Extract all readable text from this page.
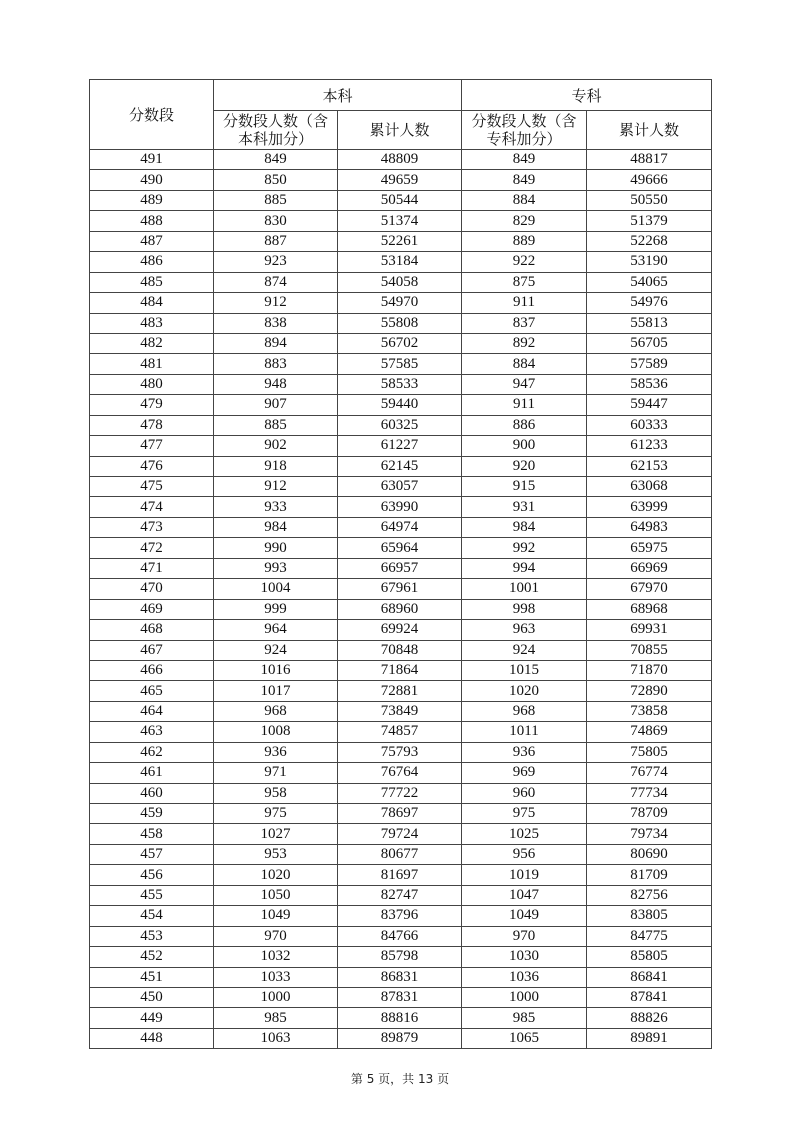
分数段	本科		专科	
	分数段人数（含本科加分）	累计人数	分数段人数（含专科加分）	累计人数
491	849	48809	849	48817
490	850	49659	849	49666
489	885	50544	884	50550
488	830	51374	829	51379
487	887	52261	889	52268
486	923	53184	922	53190
485	874	54058	875	54065
484	912	54970	911	54976
483	838	55808	837	55813
482	894	56702	892	56705
481	883	57585	884	57589
480	948	58533	947	58536
479	907	59440	911	59447
478	885	60325	886	60333
477	902	61227	900	61233
476	918	62145	920	62153
475	912	63057	915	63068
474	933	63990	931	63999
473	984	64974	984	64983
472	990	65964	992	65975
471	993	66957	994	66969
470	1004	67961	1001	67970
469	999	68960	998	68968
468	964	69924	963	69931
467	924	70848	924	70855
466	1016	71864	1015	71870
465	1017	72881	1020	72890
464	968	73849	968	73858
463	1008	74857	1011	74869
462	936	75793	936	75805
461	971	76764	969	76774
460	958	77722	960	77734
459	975	78697	975	78709
458	1027	79724	1025	79734
457	953	80677	956	80690
456	1020	81697	1019	81709
455	1050	82747	1047	82756
454	1049	83796	1049	83805
453	970	84766	970	84775
452	1032	85798	1030	85805
451	1033	86831	1036	86841
450	1000	87831	1000	87841
449	985	88816	985	88826
448	1063	89879	1065	89891
第 5 页，共 13 页
